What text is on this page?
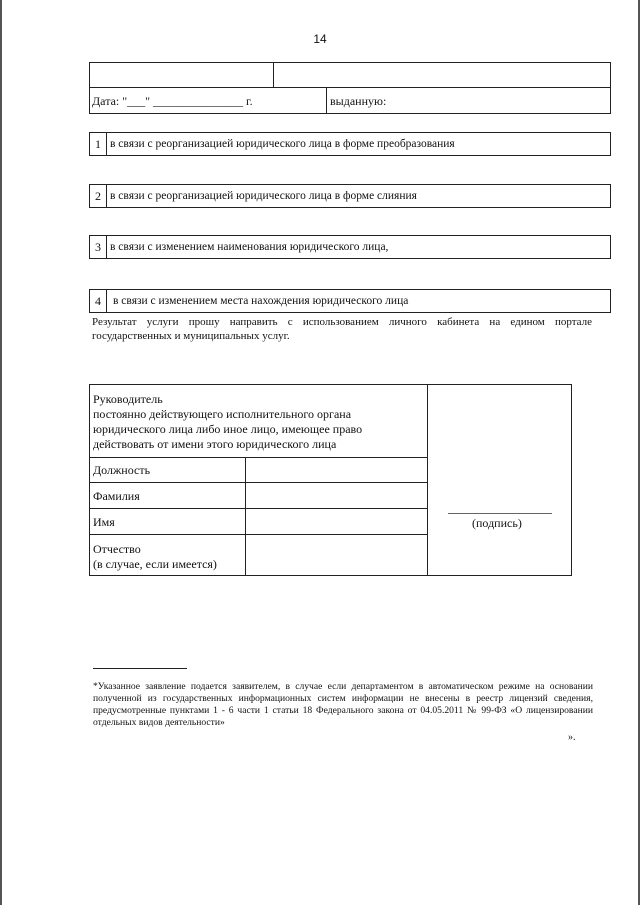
14
Дата: "___" _______________ г.	выданную:
1 в связи с реорганизацией юридического лица в форме преобразования
2 в связи с реорганизацией юридического лица в форме слияния
3 в связи с изменением наименования юридического лица,
4	в связи с изменением места нахождения юридического лица
Результат услуги прошу направить с использованием личного кабинета на едином портале государственных и муниципальных услуг.
Руководитель
постоянно действующего исполнительного органа
юридического лица либо иное лицо, имеющее право
действовать от имени этого юридического лица
Должность
Фамилия
Имя
Отчество
(в случае, если имеется)
(подпись)
*Указанное заявление подается заявителем, в случае если департаментом в автоматическом режиме на основании полученной из государственных информационных систем информации не внесены в реестр лицензий сведения, предусмотренные пунктами 1 - 6 части 1 статьи 18 Федерального закона от 04.05.2011 № 99-ФЗ «О лицензировании отдельных видов деятельности»
».
